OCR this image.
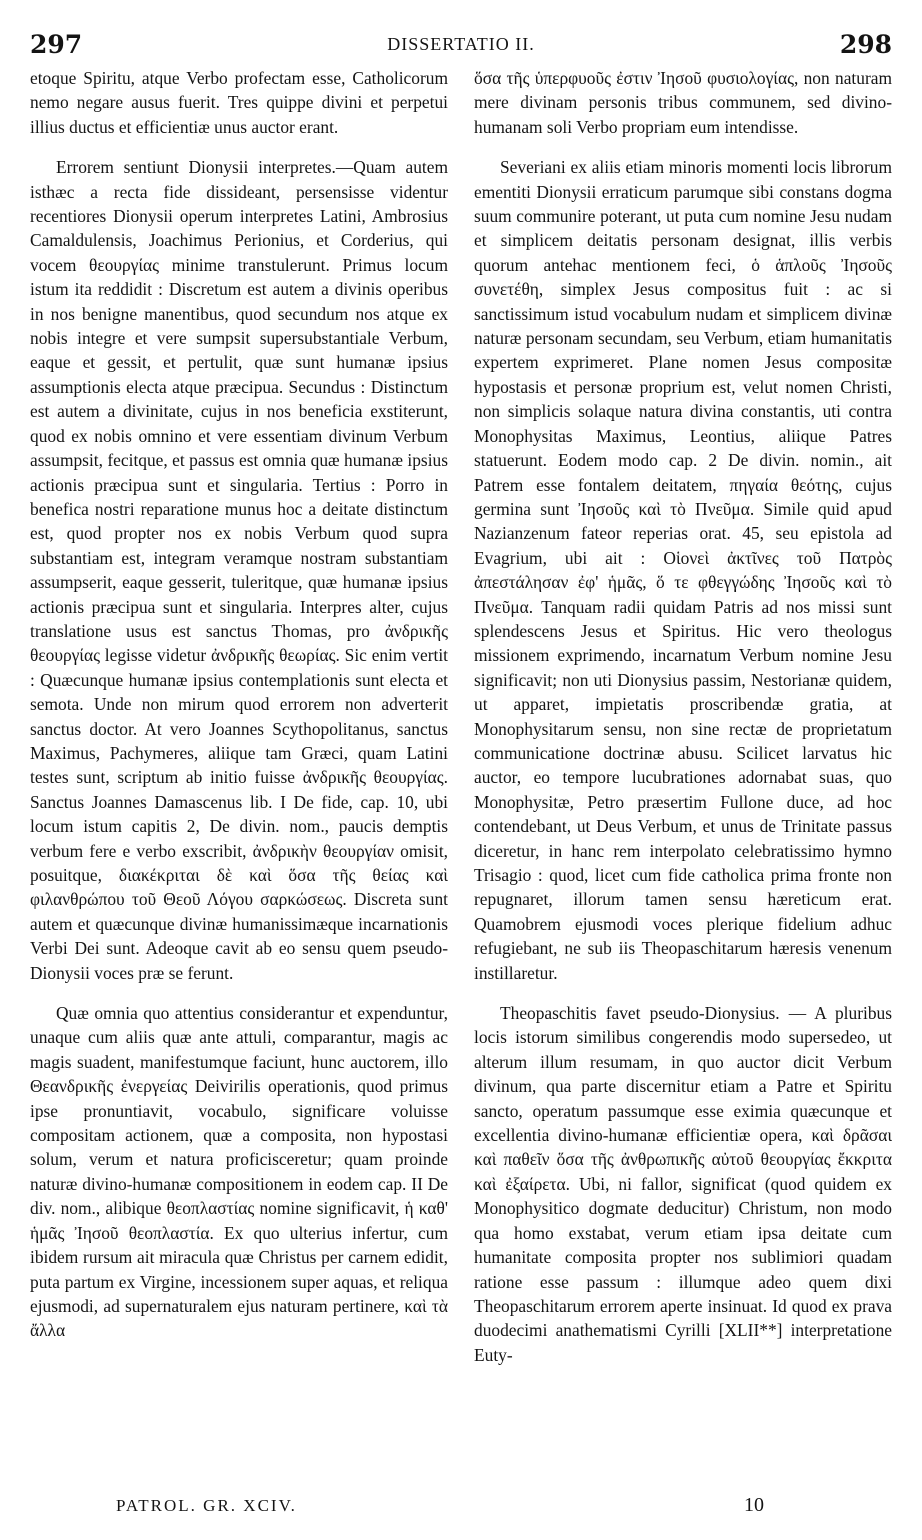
297	DISSERTATIO II.	298

etoque Spiritu, atque Verbo profectam esse, Catholicorum nemo negare ausus fuerit. Tres quippe divini et perpetui illius ductus et efficientiæ unus auctor erant.

Errorem sentiunt Dionysii interpretes.—Quam autem isthæc a recta fide dissideant, persensisse videntur recentiores Dionysii operum interpretes Latini, Ambrosius Camaldulensis, Joachimus Perionius, et Corderius, qui vocem θεουργίας minime transtulerunt. Primus locum istum ita reddidit : Discretum est autem a divinis operibus in nos benigne manentibus, quod secundum nos atque ex nobis integre et vere sumpsit supersubstantiale Verbum, eaque et gessit, et pertulit, quæ sunt humanæ ipsius assumptionis electa atque præcipua. Secundus : Distinctum est autem a divinitate, cujus in nos beneficia exstiterunt, quod ex nobis omnino et vere essentiam divinum Verbum assumpsit, fecitque, et passus est omnia quæ humanæ ipsius actionis præcipua sunt et singularia. Tertius : Porro in benefica nostri reparatione munus hoc a deitate distinctum est, quod propter nos ex nobis Verbum quod supra substantiam est, integram veramque nostram substantiam assumpserit, eaque gesserit, tuleritque, quæ humanæ ipsius actionis præcipua sunt et singularia. Interpres alter, cujus translatione usus est sanctus Thomas, pro ἀνδρικῆς θεουργίας legisse videtur ἀνδρικῆς θεωρίας. Sic enim vertit : Quæcunque humanæ ipsius contemplationis sunt electa et semota. Unde non mirum quod errorem non adverterit sanctus doctor. At vero Joannes Scythopolitanus, sanctus Maximus, Pachymeres, aliique tam Græci, quam Latini testes sunt, scriptum ab initio fuisse ἀνδρικῆς θεουργίας. Sanctus Joannes Damascenus lib. I De fide, cap. 10, ubi locum istum capitis 2, De divin. nom., paucis demptis verbum fere e verbo exscribit, ἀνδρικὴν θεουργίαν omisit, posuitque, διακέκριται δὲ καὶ ὅσα τῆς θείας καὶ φιλανθρώπου τοῦ Θεοῦ Λόγου σαρκώσεως. Discreta sunt autem et quæcunque divinæ humanissimæque incarnationis Verbi Dei sunt. Adeoque cavit ab eo sensu quem pseudo-Dionysii voces præ se ferunt.

Quæ omnia quo attentius considerantur et expenduntur, unaque cum aliis quæ ante attuli, comparantur, magis ac magis suadent, manifestumque faciunt, hunc auctorem, illo Θεανδρικῆς ἐνεργείας Deivirilis operationis, quod primus ipse pronuntiavit, vocabulo, significare voluisse compositam actionem, quæ a composita, non hypostasi solum, verum et natura proficisceretur; quam proinde naturæ divino-humanæ compositionem in eodem cap. II De div. nom., alibique θεοπλαστίας nomine significavit, ἡ καθ' ἡμᾶς Ἰησοῦ θεοπλαστία. Ex quo ulterius infertur, cum ibidem rursum ait miracula quæ Christus per carnem edidit, puta partum ex Virgine, incessionem super aquas, et reliqua ejusmodi, ad supernaturalem ejus naturam pertinere, καὶ τὰ ἄλλα

ὅσα τῆς ὑπερφυοῦς ἐστιν Ἰησοῦ φυσιολογίας, non naturam mere divinam personis tribus communem, sed divino-humanam soli Verbo propriam eum intendisse.

Severiani ex aliis etiam minoris momenti locis librorum ementiti Dionysii erraticum parumque sibi constans dogma suum communire poterant, ut puta cum nomine Jesu nudam et simplicem deitatis personam designat, illis verbis quorum antehac mentionem feci, ὁ ἁπλοῦς Ἰησοῦς συνετέθη, simplex Jesus compositus fuit : ac si sanctissimum istud vocabulum nudam et simplicem divinæ naturæ personam secundam, seu Verbum, etiam humanitatis expertem exprimeret. Plane nomen Jesus compositæ hypostasis et personæ proprium est, velut nomen Christi, non simplicis solaque natura divina constantis, uti contra Monophysitas Maximus, Leontius, aliique Patres statuerunt. Eodem modo cap. 2 De divin. nomin., ait Patrem esse fontalem deitatem, πηγαία θεότης, cujus germina sunt Ἰησοῦς καὶ τὸ Πνεῦμα. Simile quid apud Nazianzenum fateor reperias orat. 45, seu epistola ad Evagrium, ubi ait : Οἱονεὶ ἀκτῖνες τοῦ Πατρὸς ἀπεστάλησαν ἐφ' ἡμᾶς, ὅ τε φθεγγώδης Ἰησοῦς καὶ τὸ Πνεῦμα. Tanquam radii quidam Patris ad nos missi sunt splendescens Jesus et Spiritus. Hic vero theologus missionem exprimendo, incarnatum Verbum nomine Jesu significavit; non uti Dionysius passim, Nestorianæ quidem, ut apparet, impietatis proscribendæ gratia, at Monophysitarum sensu, non sine rectæ de proprietatum communicatione doctrinæ abusu. Scilicet larvatus hic auctor, eo tempore lucubrationes adornabat suas, quo Monophysitæ, Petro præsertim Fullone duce, ad hoc contendebant, ut Deus Verbum, et unus de Trinitate passus diceretur, in hanc rem interpolato celebratissimo hymno Trisagio : quod, licet cum fide catholica prima fronte non repugnaret, illorum tamen sensu hæreticum erat. Quamobrem ejusmodi voces plerique fidelium adhuc refugiebant, ne sub iis Theopaschitarum hæresis venenum instillaretur.

Theopaschitis favet pseudo-Dionysius. — A pluribus locis istorum similibus congerendis modo supersedeo, ut alterum illum resumam, in quo auctor dicit Verbum divinum, qua parte discernitur etiam a Patre et Spiritu sancto, operatum passumque esse eximia quæcunque et excellentia divino-humanæ efficientiæ opera, καὶ δρᾶσαι καὶ παθεῖν ὅσα τῆς ἀνθρωπικῆς αὐτοῦ θεουργίας ἔκκριτα καὶ ἐξαίρετα. Ubi, ni fallor, significat (quod quidem ex Monophysitico dogmate deducitur) Christum, non modo qua homo exstabat, verum etiam ipsa deitate cum humanitate composita propter nos sublimiori quadam ratione esse passum : illumque adeo quem dixi Theopaschitarum errorem aperte insinuat. Id quod ex prava duodecimi anathematismi Cyrilli [XLII**] interpretatione Euty-

PATROL. GR. XCIV.	10
